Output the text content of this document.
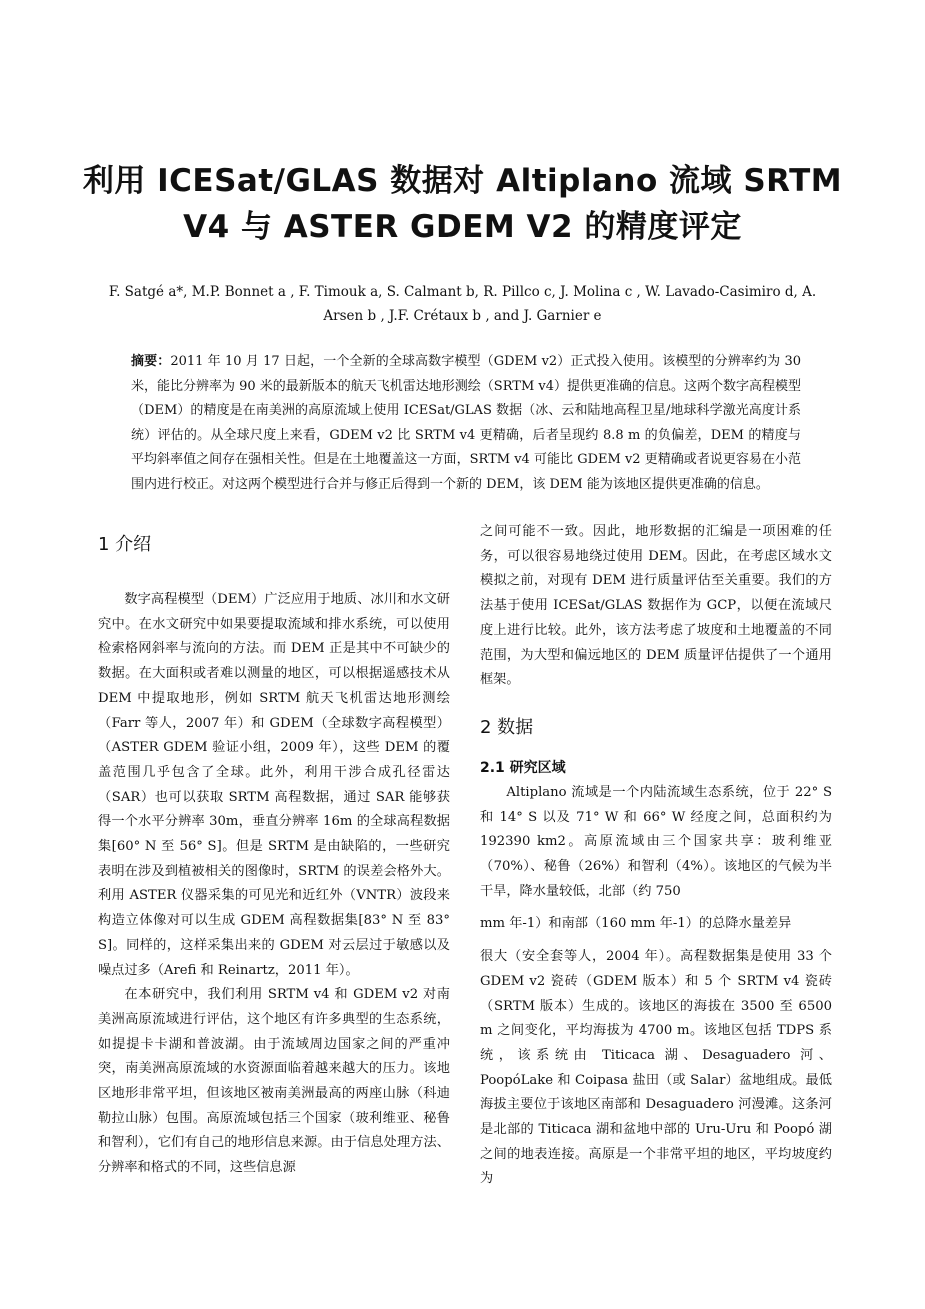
利用 ICESat/GLAS 数据对 Altiplano 流域 SRTM
V4 与 ASTER GDEM V2 的精度评定
F. Satgé a*, M.P. Bonnet a , F. Timouk a, S. Calmant b, R. Pillco c, J. Molina c , W. Lavado-Casimiro d, A. Arsen b , J.F. Crétaux b , and J. Garnier e
摘要：2011 年 10 月 17 日起，一个全新的全球高数字模型（GDEM v2）正式投入使用。该模型的分辨率约为 30 米，能比分辨率为 90 米的最新版本的航天飞机雷达地形测绘（SRTM v4）提供更准确的信息。这两个数字高程模型（DEM）的精度是在南美洲的高原流域上使用 ICESat/GLAS 数据（冰、云和陆地高程卫星/地球科学激光高度计系统）评估的。从全球尺度上来看，GDEM v2 比 SRTM v4 更精确，后者呈现约 8.8 m 的负偏差，DEM 的精度与平均斜率值之间存在强相关性。但是在土地覆盖这一方面，SRTM v4 可能比 GDEM v2 更精确或者说更容易在小范围内进行校正。对这两个模型进行合并与修正后得到一个新的 DEM，该 DEM 能为该地区提供更准确的信息。
1 介绍

数字高程模型（DEM）广泛应用于地质、冰川和水文研究中。在水文研究中如果要提取流域和排水系统，可以使用检索格网斜率与流向的方法。而 DEM 正是其中不可缺少的数据。在大面积或者难以测量的地区，可以根据遥感技术从 DEM 中提取地形，例如 SRTM 航天飞机雷达地形测绘（Farr 等人，2007 年）和 GDEM（全球数字高程模型）（ASTER GDEM 验证小组，2009 年），这些 DEM 的覆盖范围几乎包含了全球。此外，利用干涉合成孔径雷达（SAR）也可以获取 SRTM 高程数据，通过 SAR 能够获得一个水平分辨率 30m，垂直分辨率 16m 的全球高程数据集[60° N 至 56° S]。但是 SRTM 是由缺陷的，一些研究表明在涉及到植被相关的图像时，SRTM 的误差会格外大。利用 ASTER 仪器采集的可见光和近红外（VNTR）波段来构造立体像对可以生成 GDEM 高程数据集[83° N 至 83° S]。同样的，这样采集出来的 GDEM 对云层过于敏感以及噪点过多（Arefi 和 Reinartz，2011 年）。

在本研究中，我们利用 SRTM v4 和 GDEM v2 对南美洲高原流域进行评估，这个地区有许多典型的生态系统，如提提卡卡湖和普波湖。由于流域周边国家之间的严重冲突，南美洲高原流域的水资源面临着越来越大的压力。该地区地形非常平坦，但该地区被南美洲最高的两座山脉（科迪勒拉山脉）包围。高原流域包括三个国家（玻利维亚、秘鲁和智利），它们有自己的地形信息来源。由于信息处理方法、分辨率和格式的不同，这些信息源

之间可能不一致。因此，地形数据的汇编是一项困难的任务，可以很容易地绕过使用 DEM。因此，在考虑区域水文模拟之前，对现有 DEM 进行质量评估至关重要。我们的方法基于使用 ICESat/GLAS 数据作为 GCP，以便在流域尺度上进行比较。此外，该方法考虑了坡度和土地覆盖的不同范围，为大型和偏远地区的 DEM 质量评估提供了一个通用框架。

2 数据
2.1 研究区域

Altiplano 流域是一个内陆流域生态系统，位于 22° S 和 14° S 以及 71° W 和 66° W 经度之间，总面积约为 192390 km2。高原流域由三个国家共享：玻利维亚（70%）、秘鲁（26%）和智利（4%）。该地区的气候为半干旱，降水量较低，北部（约 750

mm 年-1）和南部（160 mm 年-1）的总降水量差异

很大（安全套等人，2004 年）。高程数据集是使用 33 个 GDEM v2 瓷砖（GDEM 版本）和 5 个 SRTM v4 瓷砖（SRTM 版本）生成的。该地区的海拔在 3500 至 6500 m 之间变化，平均海拔为 4700 m。该地区包括 TDPS 系统，该系统由 Titicaca 湖、Desaguadero 河、PoopóLake 和 Coipasa 盐田（或 Salar）盆地组成。最低海拔主要位于该地区南部和 Desaguadero 河漫滩。这条河是北部的 Titicaca 湖和盆地中部的 Uru-Uru 和 Poopó 湖之间的地表连接。高原是一个非常平坦的地区，平均坡度约为
